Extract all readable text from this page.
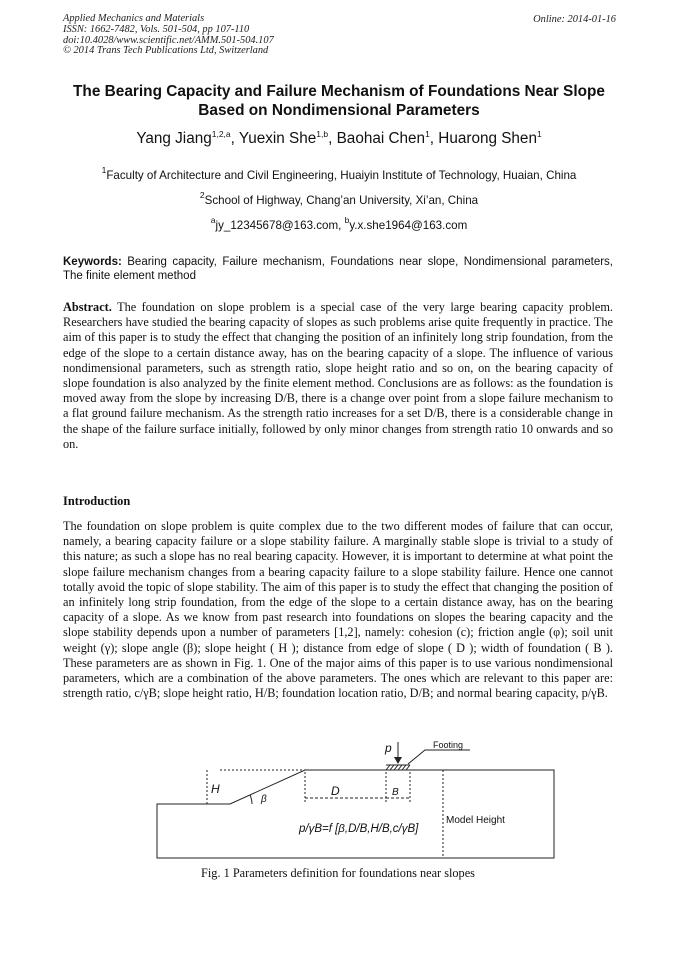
Applied Mechanics and Materials
ISSN: 1662-7482, Vols. 501-504, pp 107-110
doi:10.4028/www.scientific.net/AMM.501-504.107
© 2014 Trans Tech Publications Ltd, Switzerland
Online: 2014-01-16
The Bearing Capacity and Failure Mechanism of Foundations Near Slope Based on Nondimensional Parameters
Yang Jiang$^{1,2,a}$, Yuexin She$^{1,b}$, Baohai Chen$^1$, Huarong Shen$^1$
$^1$Faculty of Architecture and Civil Engineering, Huaiyin Institute of Technology, Huaian, China
$^2$School of Highway, Chang’an University, Xi’an, China
$^a$jy_12345678@163.com, $^b$y.x.she1964@163.com
Keywords: Bearing capacity, Failure mechanism, Foundations near slope, Nondimensional parameters, The finite element method
Abstract. The foundation on slope problem is a special case of the very large bearing capacity problem. Researchers have studied the bearing capacity of slopes as such problems arise quite frequently in practice. The aim of this paper is to study the effect that changing the position of an infinitely long strip foundation, from the edge of the slope to a certain distance away, has on the bearing capacity of a slope. The influence of various nondimensional parameters, such as strength ratio, slope height ratio and so on, on the bearing capacity of slope foundation is also analyzed by the finite element method. Conclusions are as follows: as the foundation is moved away from the slope by increasing D/B, there is a change over point from a slope failure mechanism to a flat ground failure mechanism. As the strength ratio increases for a set D/B, there is a considerable change in the shape of the failure surface initially, followed by only minor changes from strength ratio 10 onwards and so on.
Introduction
The foundation on slope problem is quite complex due to the two different modes of failure that can occur, namely, a bearing capacity failure or a slope stability failure. A marginally stable slope is trivial to a study of this nature; as such a slope has no real bearing capacity. However, it is important to determine at what point the slope failure mechanism changes from a bearing capacity failure to a slope stability failure. Hence one cannot totally avoid the topic of slope stability. The aim of this paper is to study the effect that changing the position of an infinitely long strip foundation, from the edge of the slope to a certain distance away, has on the bearing capacity of a slope. As we know from past research into foundations on slopes the bearing capacity and the slope stability depends upon a number of parameters [1,2], namely: cohesion (c); friction angle (φ); soil unit weight (γ); slope angle (β); slope height ( H ); distance from edge of slope ( D ); width of foundation ( B ). These parameters are as shown in Fig. 1. One of the major aims of this paper is to use various nondimensional parameters, which are a combination of the above parameters. The ones which are relevant to this paper are: strength ratio, c/γB; slope height ratio, H/B; foundation location ratio, D/B; and normal bearing capacity, p/γB.
p	Footing
H
β
D	B
Model Height
p/γB=f [β,D/B,H/B,c/γB]
Fig. 1 Parameters definition for foundations near slopes
